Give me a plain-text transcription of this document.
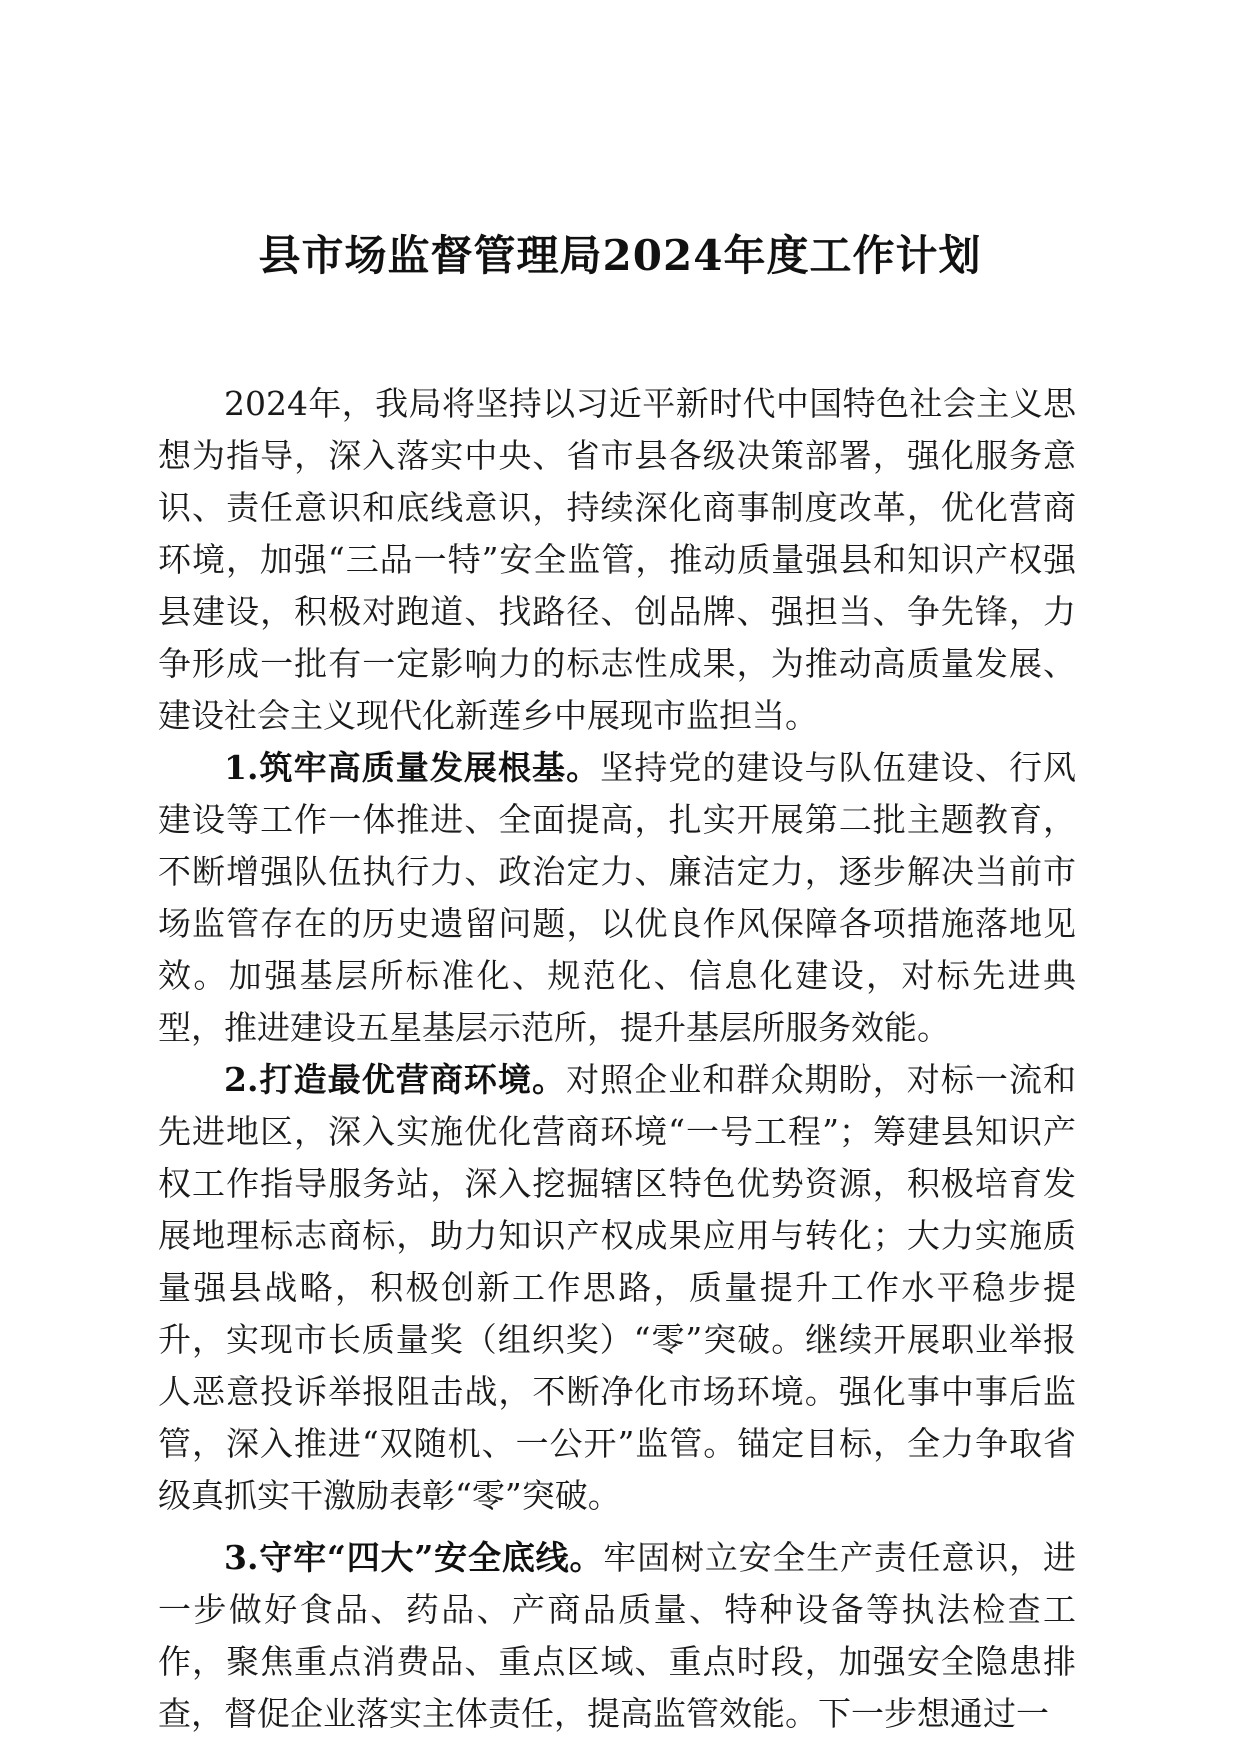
县市场监督管理局2024年度工作计划

2024年，我局将坚持以习近平新时代中国特色社会主义思想为指导，深入落实中央、省市县各级决策部署，强化服务意识、责任意识和底线意识，持续深化商事制度改革，优化营商环境，加强“三品一特”安全监管，推动质量强县和知识产权强县建设，积极对跑道、找路径、创品牌、强担当、争先锋，力争形成一批有一定影响力的标志性成果，为推动高质量发展、建设社会主义现代化新莲乡中展现市监担当。

1.筑牢高质量发展根基。坚持党的建设与队伍建设、行风建设等工作一体推进、全面提高，扎实开展第二批主题教育，不断增强队伍执行力、政治定力、廉洁定力，逐步解决当前市场监管存在的历史遗留问题，以优良作风保障各项措施落地见效。加强基层所标准化、规范化、信息化建设，对标先进典型，推进建设五星基层示范所，提升基层所服务效能。

2.打造最优营商环境。对照企业和群众期盼，对标一流和先进地区，深入实施优化营商环境“一号工程”；筹建县知识产权工作指导服务站，深入挖掘辖区特色优势资源，积极培育发展地理标志商标，助力知识产权成果应用与转化；大力实施质量强县战略，积极创新工作思路，质量提升工作水平稳步提升，实现市长质量奖（组织奖）“零”突破。继续开展职业举报人恶意投诉举报阻击战，不断净化市场环境。强化事中事后监管，深入推进“双随机、一公开”监管。锚定目标，全力争取省级真抓实干激励表彰“零”突破。

3.守牢“四大”安全底线。牢固树立安全生产责任意识，进一步做好食品、药品、产商品质量、特种设备等执法检查工作，聚焦重点消费品、重点区域、重点时段，加强安全隐患排查，督促企业落实主体责任，提高监管效能。下一步想通过一
